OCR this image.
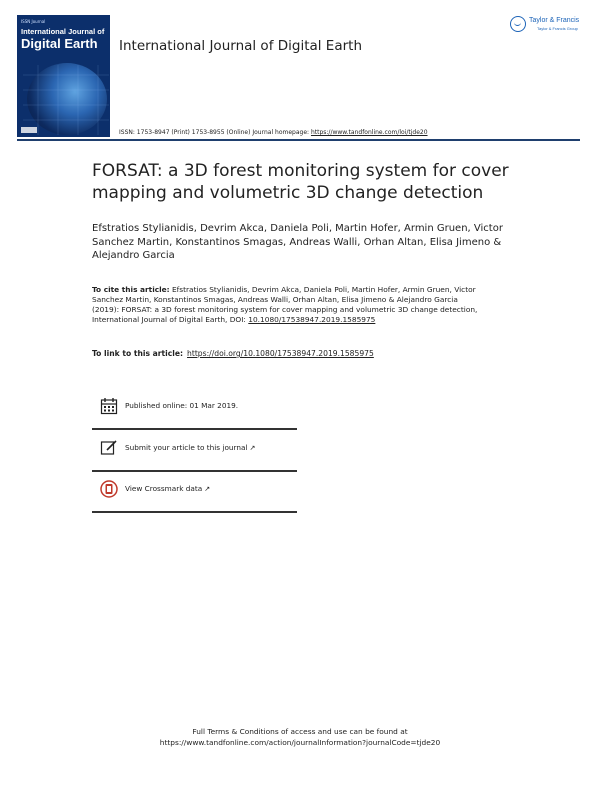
ISSN Journal
International Journal of
Digital Earth	International Journal of Digital Earth
Taylor & Francis
Taylor & Francis Group
ISSN: 1753-8947 (Print) 1753-8955 (Online) Journal homepage: https://www.tandfonline.com/loi/tjde20
FORSAT: a 3D forest monitoring system for cover mapping and volumetric 3D change detection
Efstratios Stylianidis, Devrim Akca, Daniela Poli, Martin Hofer, Armin Gruen, Victor Sanchez Martin, Konstantinos Smagas, Andreas Walli, Orhan Altan, Elisa Jimeno & Alejandro Garcia
To cite this article: Efstratios Stylianidis, Devrim Akca, Daniela Poli, Martin Hofer, Armin Gruen, Victor Sanchez Martin, Konstantinos Smagas, Andreas Walli, Orhan Altan, Elisa Jimeno & Alejandro Garcia (2019): FORSAT: a 3D forest monitoring system for cover mapping and volumetric 3D change detection, International Journal of Digital Earth, DOI: 10.1080/17538947.2019.1585975
To link to this article: https://doi.org/10.1080/17538947.2019.1585975
Published online: 01 Mar 2019.
Submit your article to this journal ↗
View Crossmark data ↗
Full Terms & Conditions of access and use can be found at
https://www.tandfonline.com/action/journalInformation?journalCode=tjde20
